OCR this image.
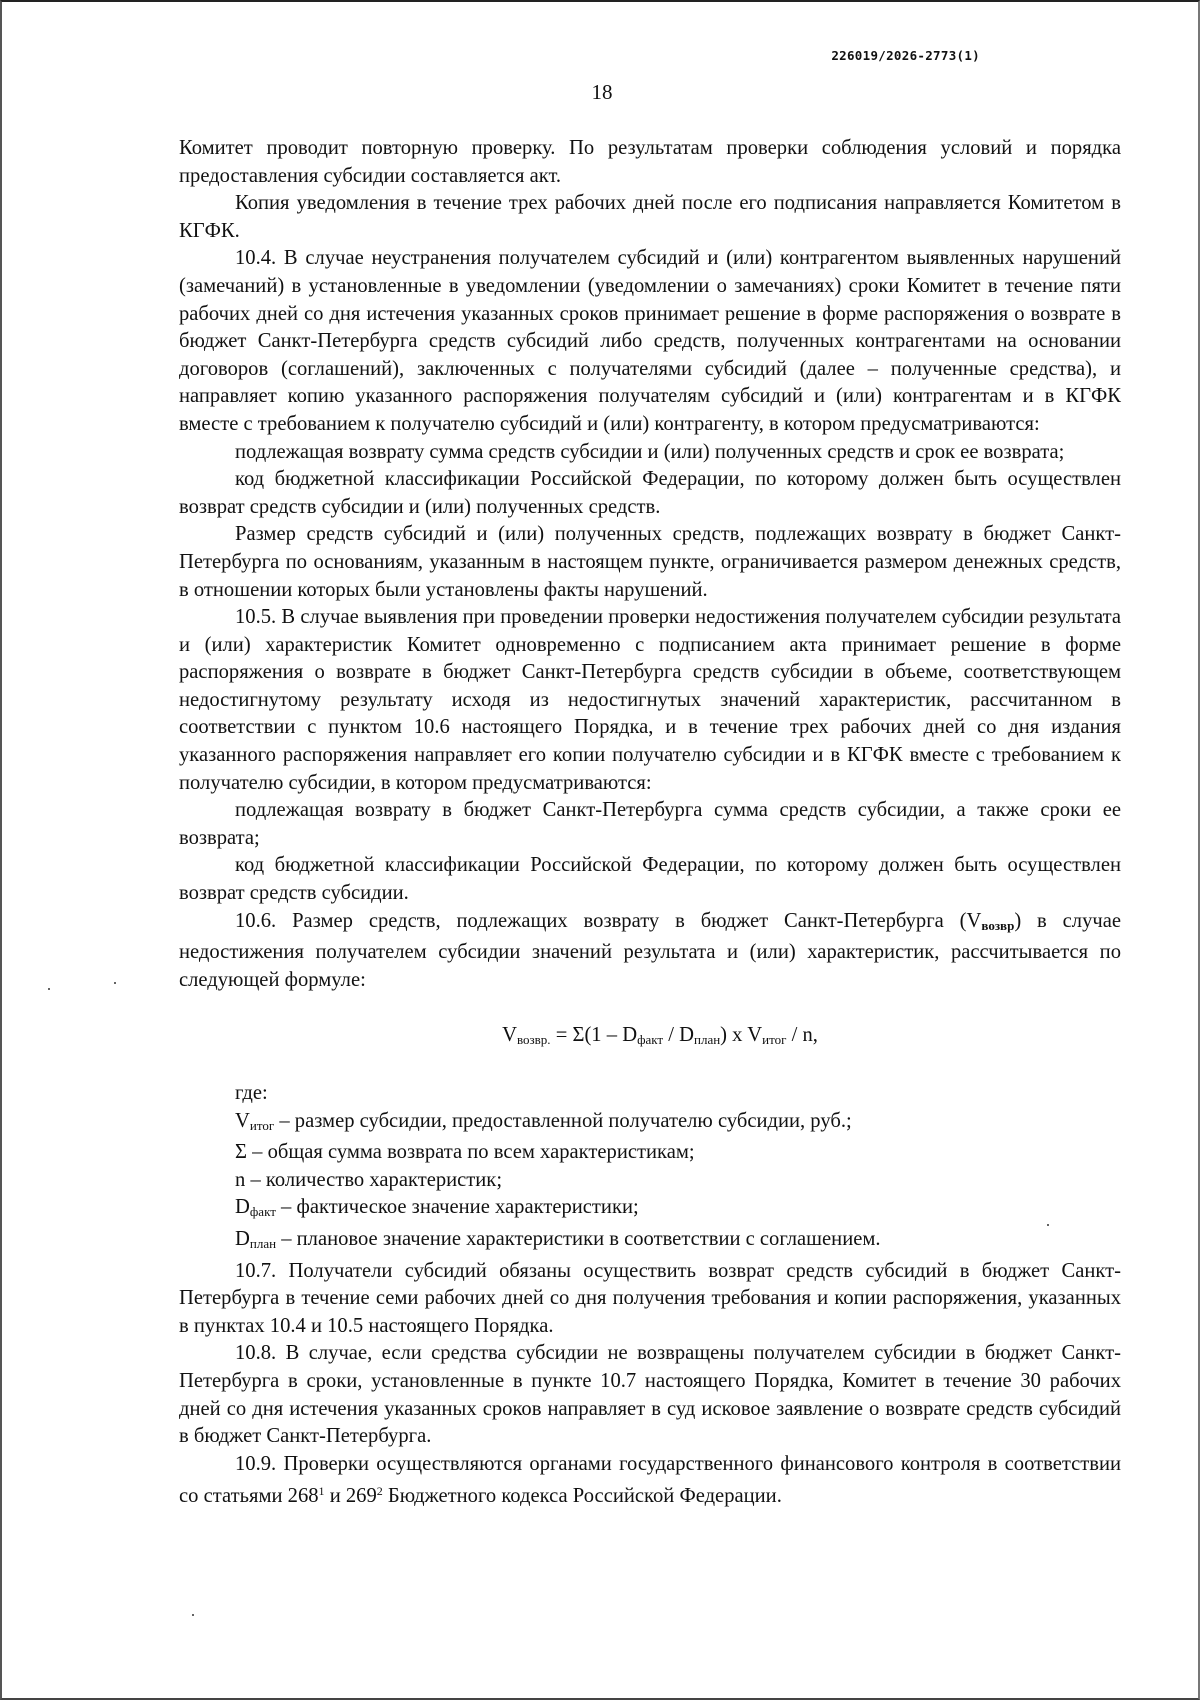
226019/2026-2773(1)
18

Комитет проводит повторную проверку. По результатам проверки соблюдения условий и порядка предоставления субсидии составляется акт.

Копия уведомления в течение трех рабочих дней после его подписания направляется Комитетом в КГФК.

10.4. В случае неустранения получателем субсидий и (или) контрагентом выявленных нарушений (замечаний) в установленные в уведомлении (уведомлении о замечаниях) сроки Комитет в течение пяти рабочих дней со дня истечения указанных сроков принимает решение в форме распоряжения о возврате в бюджет Санкт-Петербурга средств субсидий либо средств, полученных контрагентами на основании договоров (соглашений), заключенных с получателями субсидий (далее – полученные средства), и направляет копию указанного распоряжения получателям субсидий и (или) контрагентам и в КГФК вместе с требованием к получателю субсидий и (или) контрагенту, в котором предусматриваются:

подлежащая возврату сумма средств субсидии и (или) полученных средств и срок ее возврата;

код бюджетной классификации Российской Федерации, по которому должен быть осуществлен возврат средств субсидии и (или) полученных средств.

Размер средств субсидий и (или) полученных средств, подлежащих возврату в бюджет Санкт-Петербурга по основаниям, указанным в настоящем пункте, ограничивается размером денежных средств, в отношении которых были установлены факты нарушений.

10.5. В случае выявления при проведении проверки недостижения получателем субсидии результата и (или) характеристик Комитет одновременно с подписанием акта принимает решение в форме распоряжения о возврате в бюджет Санкт-Петербурга средств субсидии в объеме, соответствующем недостигнутому результату исходя из недостигнутых значений характеристик, рассчитанном в соответствии с пунктом 10.6 настоящего Порядка, и в течение трех рабочих дней со дня издания указанного распоряжения направляет его копии получателю субсидии и в КГФК вместе с требованием к получателю субсидии, в котором предусматриваются:

подлежащая возврату в бюджет Санкт-Петербурга сумма средств субсидии, а также сроки ее возврата;

код бюджетной классификации Российской Федерации, по которому должен быть осуществлен возврат средств субсидии.

10.6. Размер средств, подлежащих возврату в бюджет Санкт-Петербурга $(V_{возвр})$ в случае недостижения получателем субсидии значений результата и (или) характеристик, рассчитывается по следующей формуле:

$V_{возвр.} = \Sigma(1 - D_{факт} / D_{план})$ x $V_{итог}$ / n,

где:

$V_{итог}$ – размер субсидии, предоставленной получателю субсидии, руб.;

Σ – общая сумма возврата по всем характеристикам;

n – количество характеристик;

$D_{факт}$ – фактическое значение характеристики;

$D_{план}$ – плановое значение характеристики в соответствии с соглашением.

10.7. Получатели субсидий обязаны осуществить возврат средств субсидий в бюджет Санкт-Петербурга в течение семи рабочих дней со дня получения требования и копии распоряжения, указанных в пунктах 10.4 и 10.5 настоящего Порядка.

10.8. В случае, если средства субсидии не возвращены получателем субсидии в бюджет Санкт-Петербурга в сроки, установленные в пункте 10.7 настоящего Порядка, Комитет в течение 30 рабочих дней со дня истечения указанных сроков направляет в суд исковое заявление о возврате средств субсидий в бюджет Санкт-Петербурга.

10.9. Проверки осуществляются органами государственного финансового контроля в соответствии со статьями $268^1$ и $269^2$ Бюджетного кодекса Российской Федерации.
